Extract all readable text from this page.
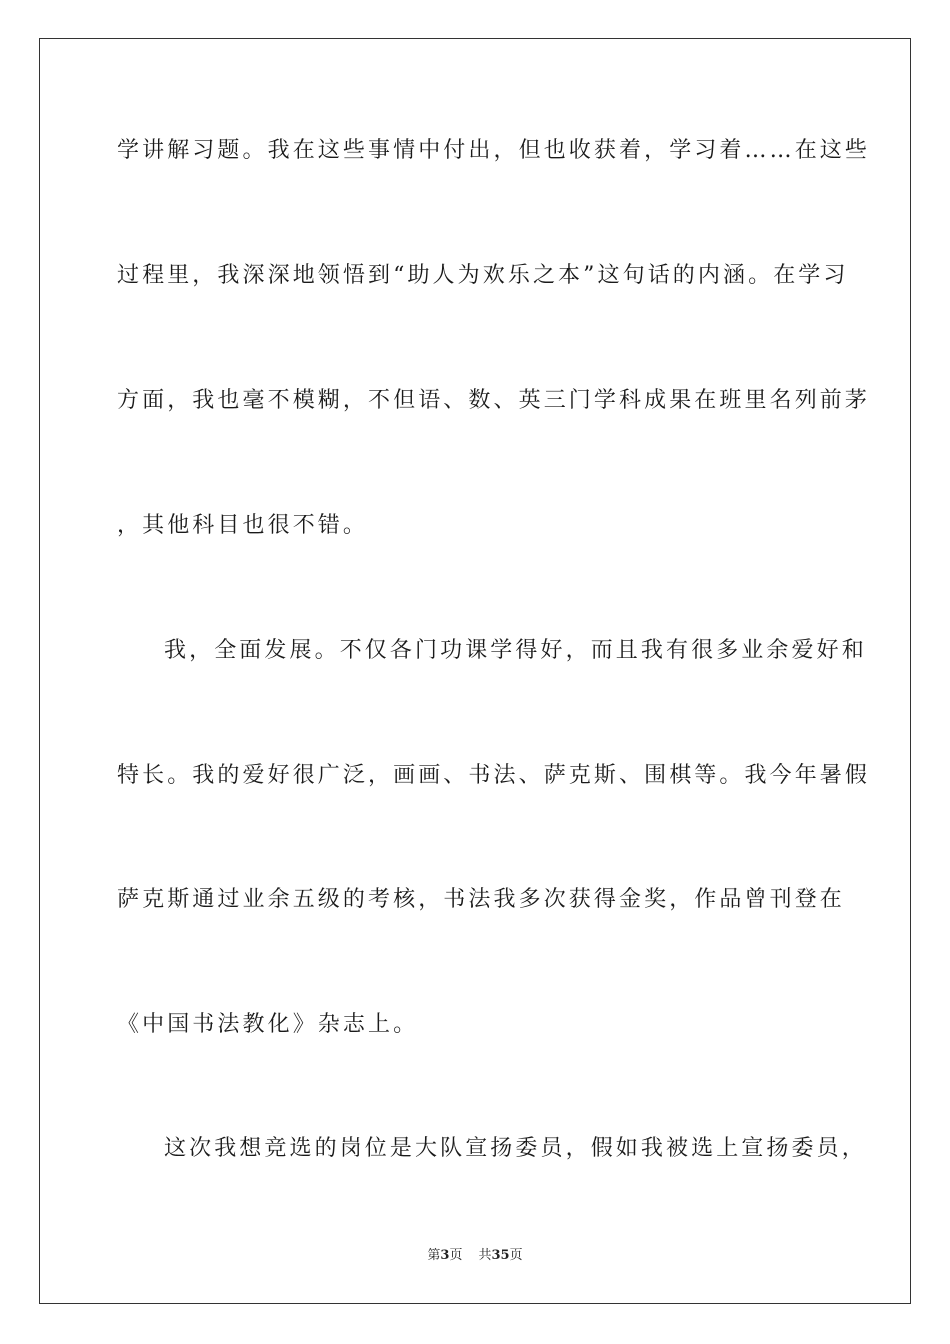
学讲解习题。我在这些事情中付出，但也收获着，学习着……在这些
过程里，我深深地领悟到“助人为欢乐之本”这句话的内涵。在学习
方面，我也毫不模糊，不但语、数、英三门学科成果在班里名列前茅
，其他科目也很不错。
我，全面发展。不仅各门功课学得好，而且我有很多业余爱好和
特长。我的爱好很广泛，画画、书法、萨克斯、围棋等。我今年暑假
萨克斯通过业余五级的考核，书法我多次获得金奖，作品曾刊登在
《中国书法教化》杂志上。
这次我想竞选的岗位是大队宣扬委员，假如我被选上宣扬委员，
第3页 共35页
